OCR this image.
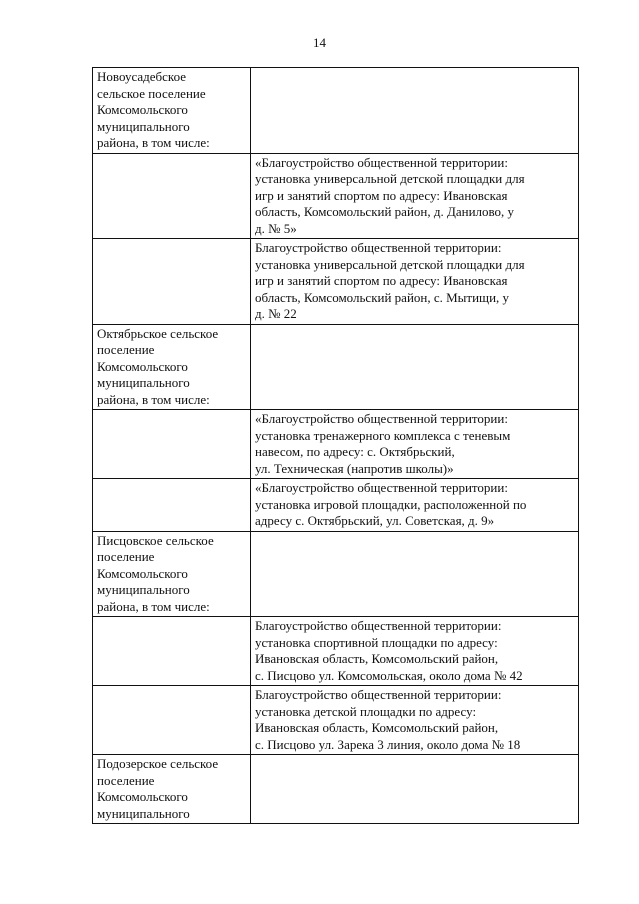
14
Новоусадебское
сельское поселение
Комсомольского
муниципального
района, в том числе:	

	«Благоустройство общественной территории:
установка универсальной детской площадки для
игр и занятий спортом по адресу: Ивановская
область, Комсомольский район, д. Данилово, у
д. № 5»

	Благоустройство общественной территории:
установка универсальной детской площадки для
игр и занятий спортом по адресу: Ивановская
область, Комсомольский район, с. Мытищи, у
д. № 22

Октябрьское сельское
поселение
Комсомольского
муниципального
района, в том числе:	

	«Благоустройство общественной территории:
установка тренажерного комплекса с теневым
навесом, по адресу: с. Октябрьский,
ул. Техническая (напротив школы)»

	«Благоустройство общественной территории:
установка игровой площадки, расположенной по
адресу с. Октябрьский, ул. Советская, д. 9»

Писцовское сельское
поселение
Комсомольского
муниципального
района, в том числе:	

	Благоустройство общественной территории:
установка спортивной площадки по адресу:
Ивановская область, Комсомольский район,
с. Писцово ул. Комсомольская, около дома № 42

	Благоустройство общественной территории:
установка детской площадки по адресу:
Ивановская область, Комсомольский район,
с. Писцово ул. Зарека 3 линия, около дома № 18

Подозерское сельское
поселение
Комсомольского
муниципального	
